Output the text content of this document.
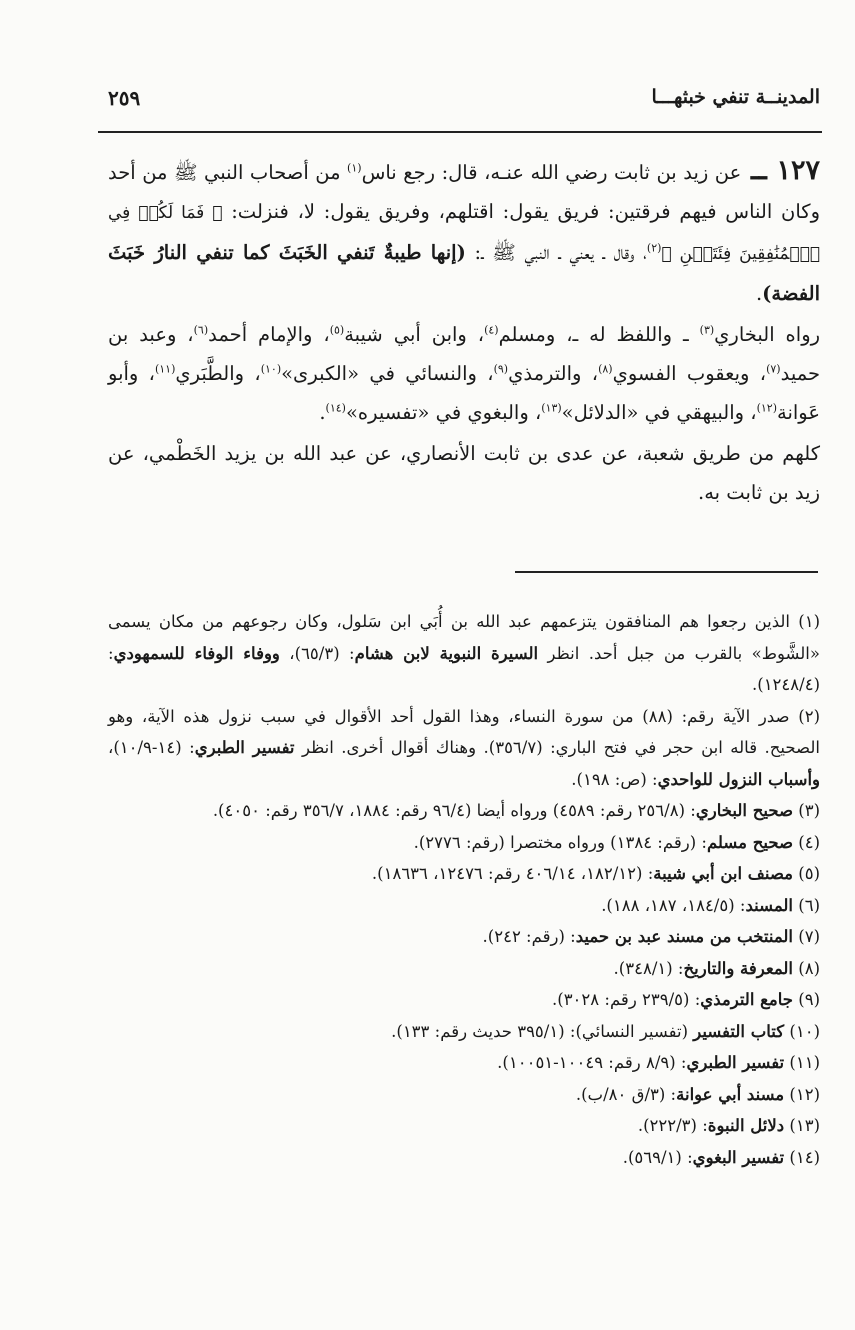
المدينــة تنفي خبثهـــا
٢٥٩

١٢٧ ــ عن زيد بن ثابت رضي الله عنـه، قال: رجع ناس$^{(١)}$ من أصحاب النبي ﷺ من أحد وكان الناس فيهم فرقتين: فريق يقول: اقتلهم، وفريق يقول: لا، فنزلت: ﴿ فَمَا لَكُمۡ فِي ٱلۡمُنَٰفِقِينَ فِئَتَيۡنِ ﴾$^{(٢)}$، وقال ـ يعني ـ النبي ﷺ ـ: (إنها طيبةٌ تَنفي الخَبَثَ كما تنفي النارُ خَبَثَ الفضة).

رواه البخاري$^{(٣)}$ ـ واللفظ له ـ، ومسلم$^{(٤)}$، وابن أبي شيبة$^{(٥)}$، والإمام أحمد$^{(٦)}$، وعبد بن حميد$^{(٧)}$، ويعقوب الفسوي$^{(٨)}$، والترمذي$^{(٩)}$، والنسائي في «الكبرى»$^{(١٠)}$، والطَّبَري$^{(١١)}$، وأبو عَوانة$^{(١٢)}$، والبيهقي في «الدلائل»$^{(١٣)}$، والبغوي في «تفسيره»$^{(١٤)}$.

كلهم من طريق شعبة، عن عدى بن ثابت الأنصاري، عن عبد الله بن يزيد الخَطْمي، عن زيد بن ثابت به.

(١) الذين رجعوا هم المنافقون يتزعمهم عبد الله بن أُبَي ابن سَلول، وكان رجوعهم من مكان يسمى «الشَّوط» بالقرب من جبل أحد. انظر السيرة النبوية لابن هشام: (٦٥/٣)، ووفاء الوفاء للسمهودي: (١٢٤٨/٤).

(٢) صدر الآية رقم: (٨٨) من سورة النساء، وهذا القول أحد الأقوال في سبب نزول هذه الآية، وهو الصحيح. قاله ابن حجر في فتح الباري: (٣٥٦/٧). وهناك أقوال أخرى. انظر تفسير الطبري: (١٤-١٠/٩)، وأسباب النزول للواحدي: (ص: ١٩٨).

(٣) صحيح البخاري: (٢٥٦/٨ رقم: ٤٥٨٩) ورواه أيضا (٩٦/٤ رقم: ١٨٨٤، ٣٥٦/٧ رقم: ٤٠٥٠).

(٤) صحيح مسلم: (رقم: ١٣٨٤) ورواه مختصرا (رقم: ٢٧٧٦).

(٥) مصنف ابن أبي شيبة: (١٨٢/١٢، ٤٠٦/١٤ رقم: ١٢٤٧٦، ١٨٦٣٦).

(٦) المسند: (١٨٤/٥، ١٨٧، ١٨٨).

(٧) المنتخب من مسند عبد بن حميد: (رقم: ٢٤٢).

(٨) المعرفة والتاريخ: (٣٤٨/١).

(٩) جامع الترمذي: (٢٣٩/٥ رقم: ٣٠٢٨).

(١٠) كتاب التفسير (تفسير النسائي): (٣٩٥/١ حديث رقم: ١٣٣).

(١١) تفسير الطبري: (٨/٩ رقم: ١٠٠٤٩-١٠٠٥١).

(١٢) مسند أبي عوانة: (٣/ق ٨٠/ب).

(١٣) دلائل النبوة: (٢٢٢/٣).

(١٤) تفسير البغوي: (٥٦٩/١).
